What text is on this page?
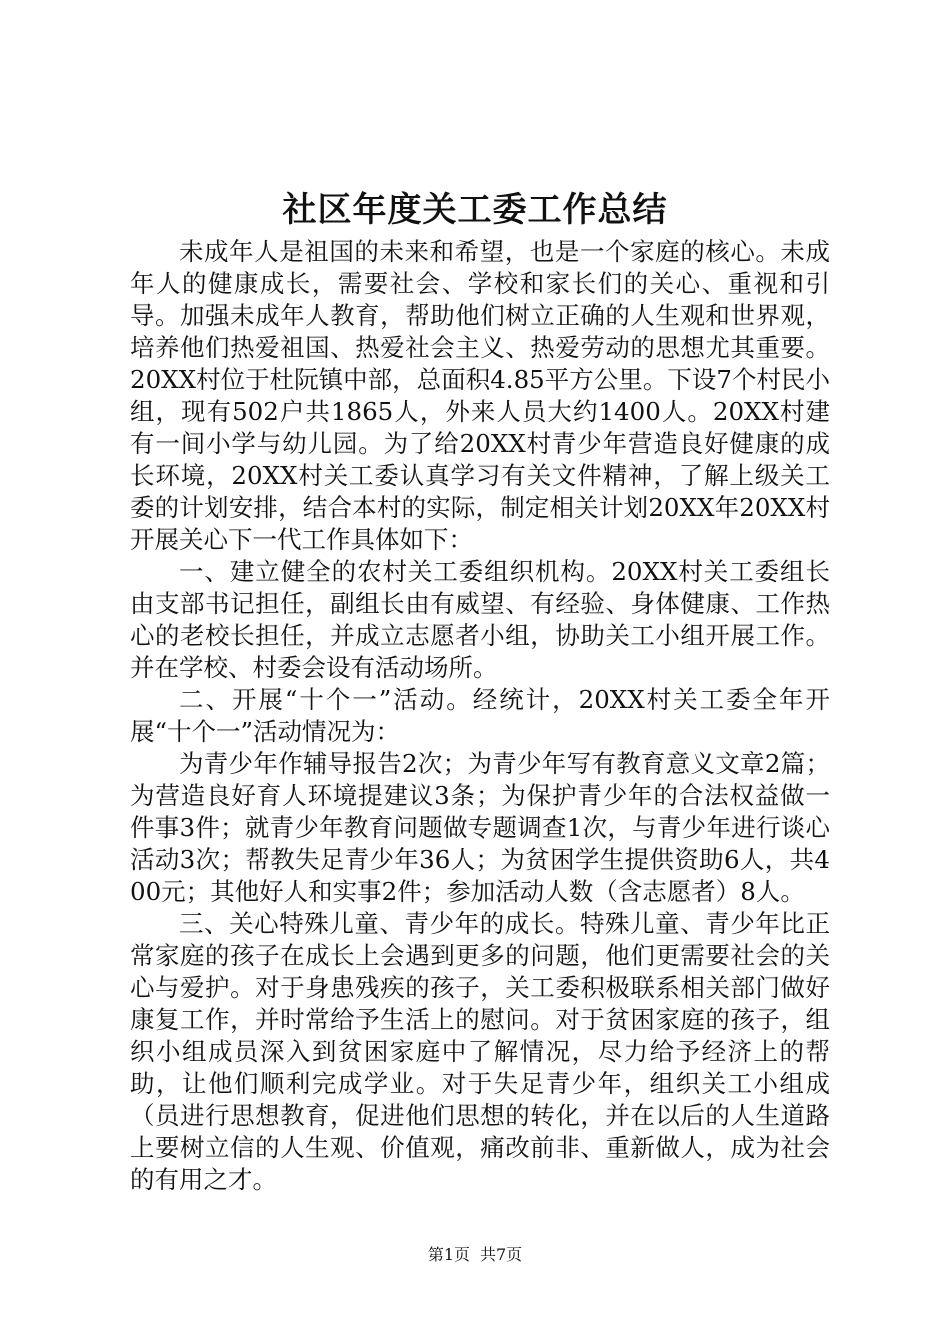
社区年度关工委工作总结

未成年人是祖国的未来和希望，也是一个家庭的核心。未成年人的健康成长，需要社会、学校和家长们的关心、重视和引导。加强未成年人教育，帮助他们树立正确的人生观和世界观，培养他们热爱祖国、热爱社会主义、热爱劳动的思想尤其重要。20XX村位于杜阮镇中部，总面积4.85平方公里。下设7个村民小组，现有502户共1865人，外来人员大约1400人。20XX村建有一间小学与幼儿园。为了给20XX村青少年营造良好健康的成长环境，20XX村关工委认真学习有关文件精神，了解上级关工委的计划安排，结合本村的实际，制定相关计划20XX年20XX村开展关心下一代工作具体如下：

一、建立健全的农村关工委组织机构。20XX村关工委组长由支部书记担任，副组长由有威望、有经验、身体健康、工作热心的老校长担任，并成立志愿者小组，协助关工小组开展工作。并在学校、村委会设有活动场所。

二、开展“十个一”活动。经统计，20XX村关工委全年开展“十个一”活动情况为：

为青少年作辅导报告2次；为青少年写有教育意义文章2篇；为营造良好育人环境提建议3条；为保护青少年的合法权益做一件事3件；就青少年教育问题做专题调查1次，与青少年进行谈心活动3次；帮教失足青少年36人；为贫困学生提供资助6人，共400元；其他好人和实事2件；参加活动人数（含志愿者）8人。

三、关心特殊儿童、青少年的成长。特殊儿童、青少年比正常家庭的孩子在成长上会遇到更多的问题，他们更需要社会的关心与爱护。对于身患残疾的孩子，关工委积极联系相关部门做好康复工作，并时常给予生活上的慰问。对于贫困家庭的孩子，组织小组成员深入到贫困家庭中了解情况，尽力给予经济上的帮助，让他们顺利完成学业。对于失足青少年，组织关工小组成（员进行思想教育，促进他们思想的转化，并在以后的人生道路上要树立信的人生观、价值观，痛改前非、重新做人，成为社会的有用之才。

第1页 共7页
